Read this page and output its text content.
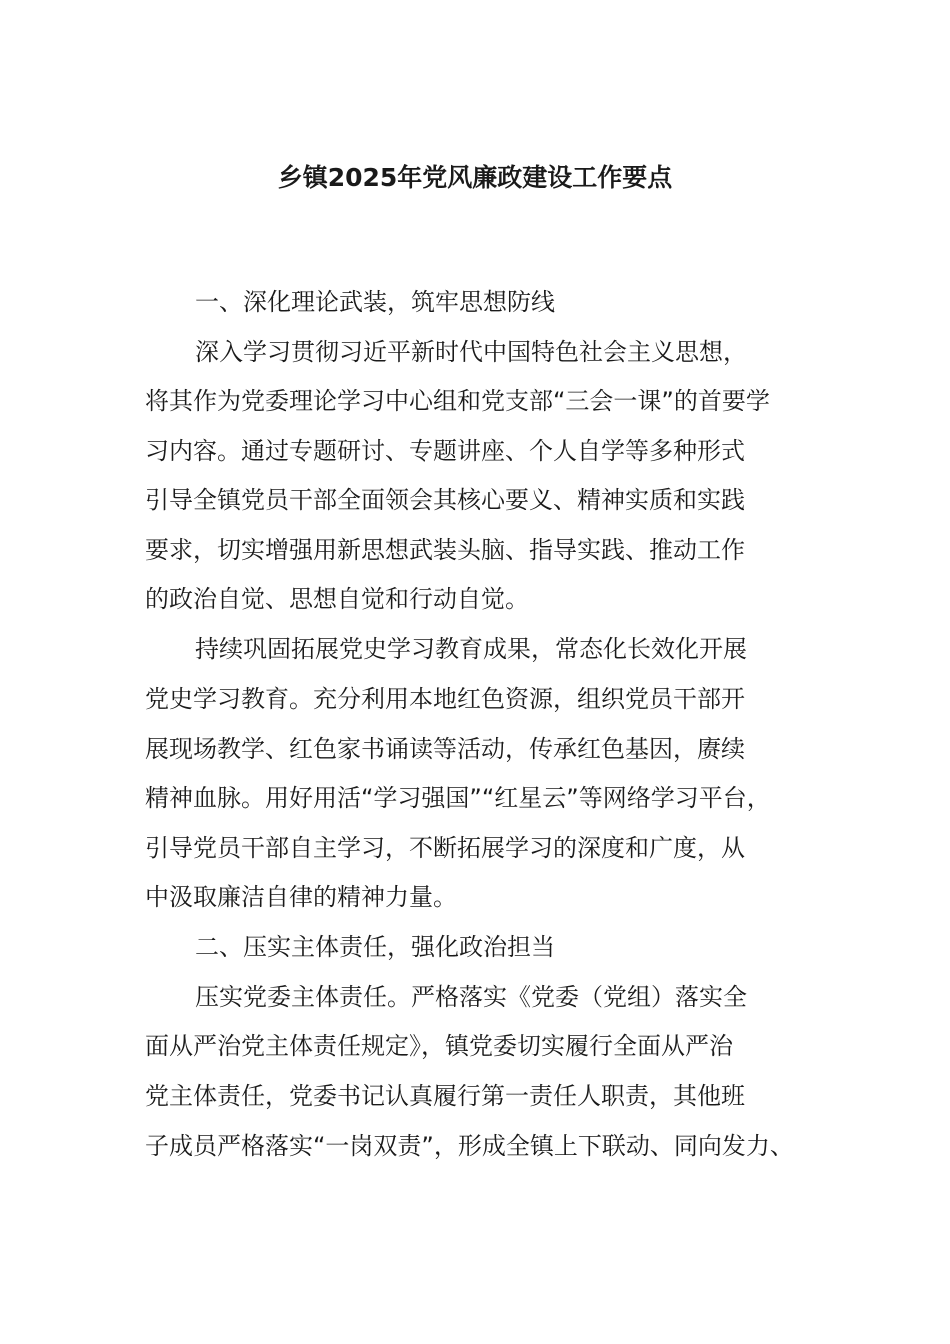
乡镇2025年党风廉政建设工作要点
一、深化理论武装，筑牢思想防线
深入学习贯彻习近平新时代中国特色社会主义思想，
将其作为党委理论学习中心组和党支部“三会一课”的首要学
习内容。通过专题研讨、专题讲座、个人自学等多种形式
引导全镇党员干部全面领会其核心要义、精神实质和实践
要求，切实增强用新思想武装头脑、指导实践、推动工作
的政治自觉、思想自觉和行动自觉。
持续巩固拓展党史学习教育成果，常态化长效化开展
党史学习教育。充分利用本地红色资源，组织党员干部开
展现场教学、红色家书诵读等活动，传承红色基因，赓续
精神血脉。用好用活“学习强国”“红星云”等网络学习平台，
引导党员干部自主学习，不断拓展学习的深度和广度，从
中汲取廉洁自律的精神力量。
二、压实主体责任，强化政治担当
压实党委主体责任。严格落实《党委（党组）落实全
面从严治党主体责任规定》，镇党委切实履行全面从严治
党主体责任，党委书记认真履行第一责任人职责，其他班
子成员严格落实“一岗双责”，形成全镇上下联动、同向发力、
